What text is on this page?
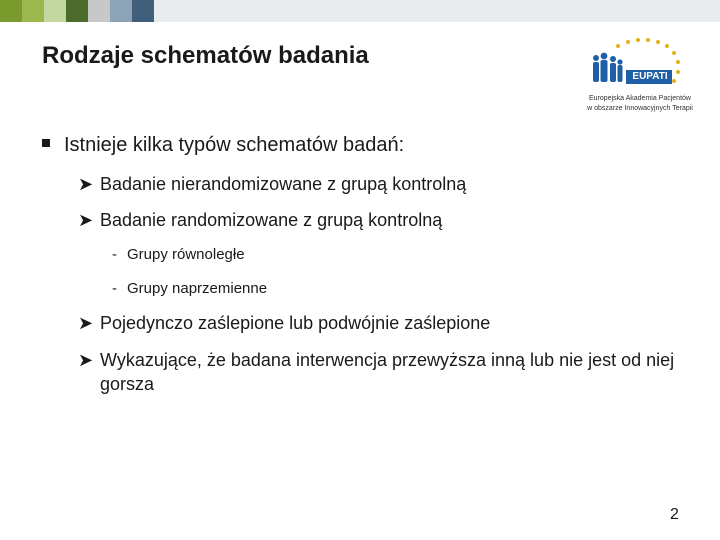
Rodzaje schematów badania
EUPATI
Europejska Akademia Pacjentów
w obszarze Innowacyjnych Terapii
Istnieje kilka typów schematów badań:
➤ Badanie nierandomizowane z grupą kontrolną
➤ Badanie randomizowane z grupą kontrolną
- Grupy równoległe
- Grupy naprzemienne
➤ Pojedynczo zaślepione lub podwójnie zaślepione
➤ Wykazujące, że badana interwencja przewyższa inną lub nie jest od niej gorsza
2
